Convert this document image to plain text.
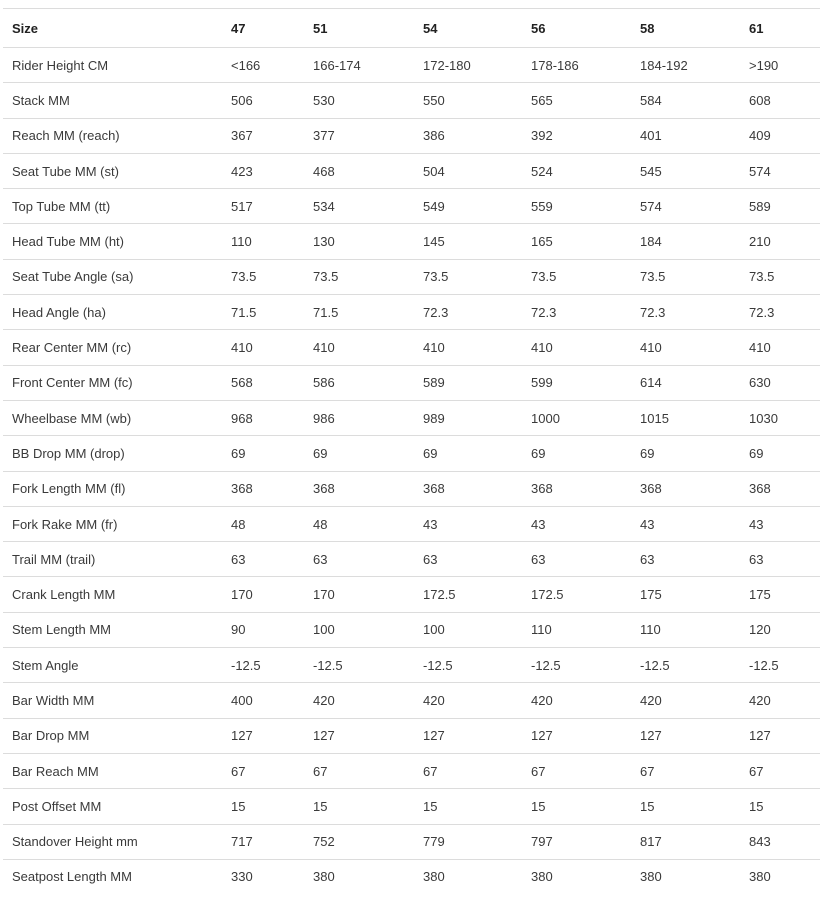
Size	47	51	54	56	58	61
Rider Height CM	<166	166-174	172-180	178-186	184-192	>190
Stack MM	506	530	550	565	584	608
Reach MM (reach)	367	377	386	392	401	409
Seat Tube MM (st)	423	468	504	524	545	574
Top Tube MM (tt)	517	534	549	559	574	589
Head Tube MM (ht)	110	130	145	165	184	210
Seat Tube Angle (sa)	73.5	73.5	73.5	73.5	73.5	73.5
Head Angle (ha)	71.5	71.5	72.3	72.3	72.3	72.3
Rear Center MM (rc)	410	410	410	410	410	410
Front Center MM (fc)	568	586	589	599	614	630
Wheelbase MM (wb)	968	986	989	1000	1015	1030
BB Drop MM (drop)	69	69	69	69	69	69
Fork Length MM (fl)	368	368	368	368	368	368
Fork Rake MM (fr)	48	48	43	43	43	43
Trail MM (trail)	63	63	63	63	63	63
Crank Length MM	170	170	172.5	172.5	175	175
Stem Length MM	90	100	100	110	110	120
Stem Angle	-12.5	-12.5	-12.5	-12.5	-12.5	-12.5
Bar Width MM	400	420	420	420	420	420
Bar Drop MM	127	127	127	127	127	127
Bar Reach MM	67	67	67	67	67	67
Post Offset MM	15	15	15	15	15	15
Standover Height mm	717	752	779	797	817	843
Seatpost Length MM	330	380	380	380	380	380
